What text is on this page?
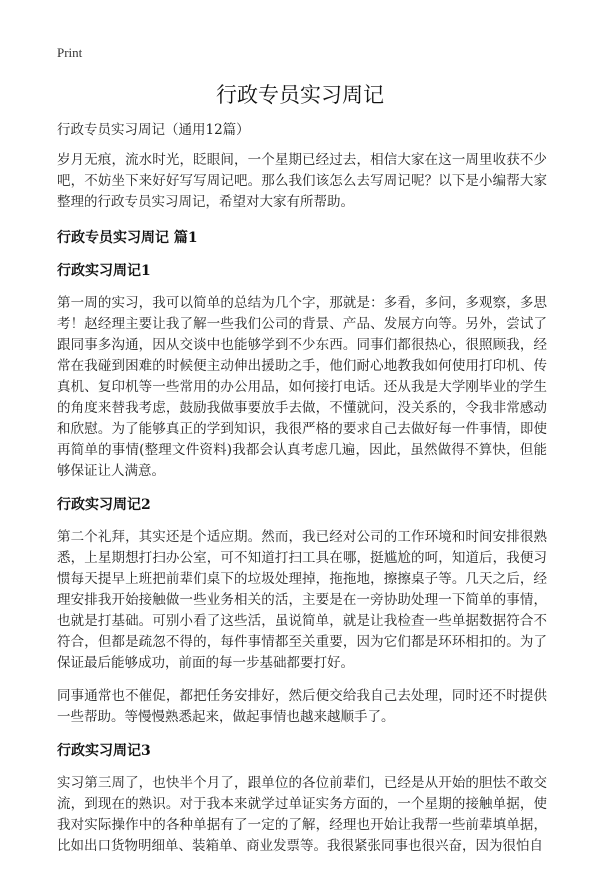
Print
行政专员实习周记

行政专员实习周记（通用12篇）

岁月无痕，流水时光，眨眼间，一个星期已经过去，相信大家在这一周里收获不少吧，不妨坐下来好好写写周记吧。那么我们该怎么去写周记呢？以下是小编帮大家整理的行政专员实习周记，希望对大家有所帮助。

行政专员实习周记 篇1
行政实习周记1

第一周的实习，我可以简单的总结为几个字，那就是：多看，多问，多观察，多思考！赵经理主要让我了解一些我们公司的背景、产品、发展方向等。另外，尝试了跟同事多沟通，因从交谈中也能够学到不少东西。同事们都很热心，很照顾我，经常在我碰到困难的时候便主动伸出援助之手，他们耐心地教我如何使用打印机、传真机、复印机等一些常用的办公用品，如何接打电话。还从我是大学刚毕业的学生的角度来替我考虑，鼓励我做事要放手去做，不懂就问，没关系的，令我非常感动和欣慰。为了能够真正的学到知识，我很严格的要求自己去做好每一件事情，即使再简单的事情(整理文件资料)我都会认真考虑几遍，因此，虽然做得不算快，但能够保证让人满意。

行政实习周记2

第二个礼拜，其实还是个适应期。然而，我已经对公司的工作环境和时间安排很熟悉，上星期想打扫办公室，可不知道打扫工具在哪，挺尴尬的呵，知道后，我便习惯每天提早上班把前辈们桌下的垃圾处理掉，拖拖地，擦擦桌子等。几天之后，经理安排我开始接触做一些业务相关的活，主要是在一旁协助处理一下简单的事情，也就是打基础。可别小看了这些活，虽说简单，就是让我检查一些单据数据符合不符合，但都是疏忽不得的，每件事情都至关重要，因为它们都是环环相扣的。为了保证最后能够成功，前面的每一步基础都要打好。

同事通常也不催促，都把任务安排好，然后便交给我自己去处理，同时还不时提供一些帮助。等慢慢熟悉起来，做起事情也越来越顺手了。

行政实习周记3

实习第三周了，也快半个月了，跟单位的各位前辈们，已经是从开始的胆怯不敢交流，到现在的熟识。对于我本来就学过单证实务方面的，一个星期的接触单据，使我对实际操作中的各种单据有了一定的了解，经理也开始让我帮一些前辈填单据，比如出口货物明细单、装箱单、商业发票等。我很紧张同事也很兴奋，因为很怕自
